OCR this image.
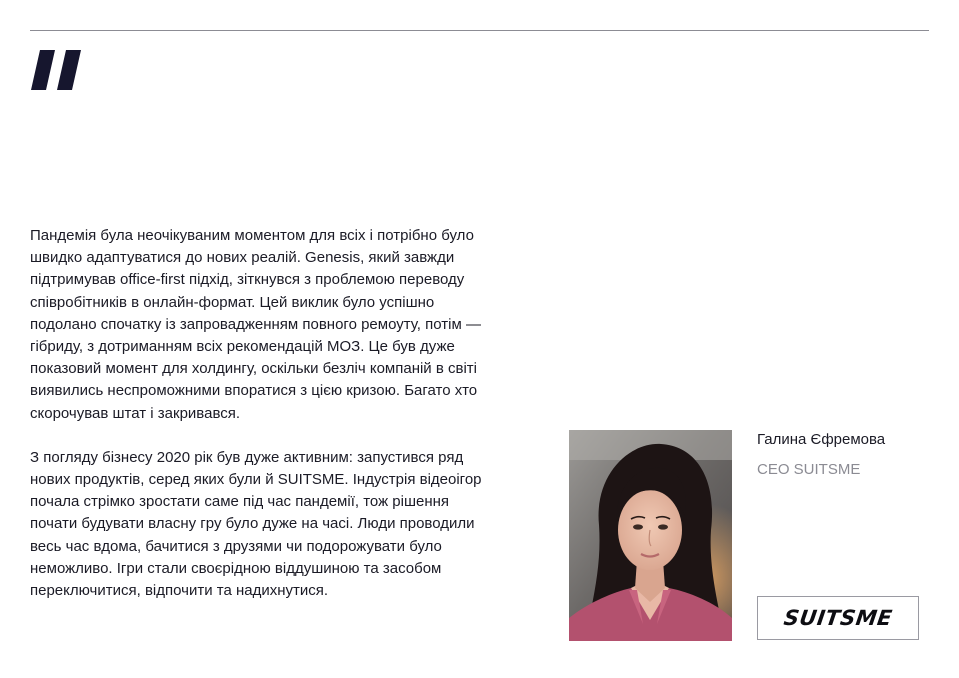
Пандемія була неочікуваним моментом для всіх і потрібно було швидко адаптуватися до нових реалій. Genesis, який завжди підтримував office-first підхід, зіткнувся з проблемою переводу співробітників в онлайн-формат. Цей виклик було успішно подолано спочатку із запровадженням повного ремоуту, потім — гібриду, з дотриманням всіх рекомендацій МОЗ. Це був дуже показовий момент для холдингу, оскільки безліч компаній в світі виявились неспроможними впоратися з цією кризою. Багато хто скорочував штат і закривався.

З погляду бізнесу 2020 рік був дуже активним: запустився ряд нових продуктів, серед яких були й SUITSME. Індустрія відеоігор почала стрімко зростати саме під час пандемії, тож рішення почати будувати власну гру було дуже на часі. Люди проводили весь час вдома, бачитися з друзями чи подорожувати було неможливо. Ігри стали своєрідною віддушиною та засобом переключитися, відпочити та надихнутися.

Галина Єфремова
CEO SUITSME
SUITSME
